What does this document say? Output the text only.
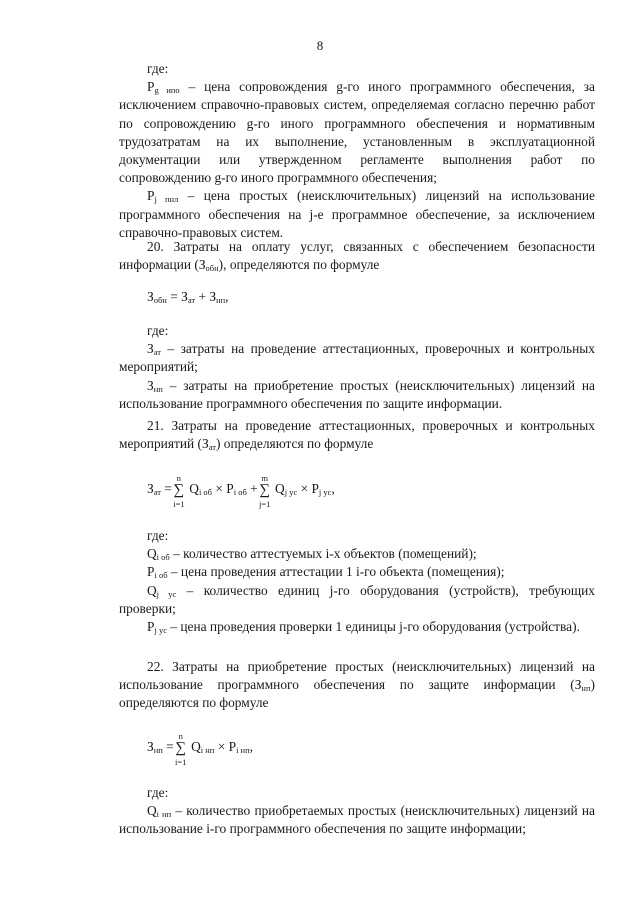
8

где:

$P_{g ипо}$ – цена сопровождения g-го иного программного обеспечения, за исключением справочно-правовых систем, определяемая согласно перечню работ по сопровождению g-го иного программного обеспечения и нормативным трудозатратам на их выполнение, установленным в эксплуатационной документации или утвержденном регламенте выполнения работ по сопровождению g-го иного программного обеспечения;

$P_{j пнл}$ – цена простых (неисключительных) лицензий на использование программного обеспечения на j-е программное обеспечение, за исключением справочно-правовых систем.

20. Затраты на оплату услуг, связанных с обеспечением безопасности информации $(З_{обн})$, определяются по формуле

$З_{обн} = З_{ат} + З_{нп}$,

где:

$З_{ат}$ – затраты на проведение аттестационных, проверочных и контрольных мероприятий;

$З_{нп}$ – затраты на приобретение простых (неисключительных) лицензий на использование программного обеспечения по защите информации.

21. Затраты на проведение аттестационных, проверочных и контрольных мероприятий $(З_{ат})$ определяются по формуле

$З_{ат}$ =
n
∑
i=1
$Q_{i об} \times P_{i об}$ +
m
∑
j=1
$Q_{j ус} \times P_{j ус}$,

где:

$Q_{i об}$ – количество аттестуемых i-х объектов (помещений);

$P_{i об}$ – цена проведения аттестации 1 i-го объекта (помещения);

$Q_{j ус}$ – количество единиц j-го оборудования (устройств), требующих проверки;

$P_{j ус}$ – цена проведения проверки 1 единицы j-го оборудования (устройства).

22. Затраты на приобретение простых (неисключительных) лицензий на использование программного обеспечения по защите информации $(З_{нп})$ определяются по формуле

$З_{нп}$ =
n
∑
i=1
$Q_{i нп} \times P_{i нп}$,

где:

$Q_{i нп}$ – количество приобретаемых простых (неисключительных) лицензий на использование i-го программного обеспечения по защите информации;
